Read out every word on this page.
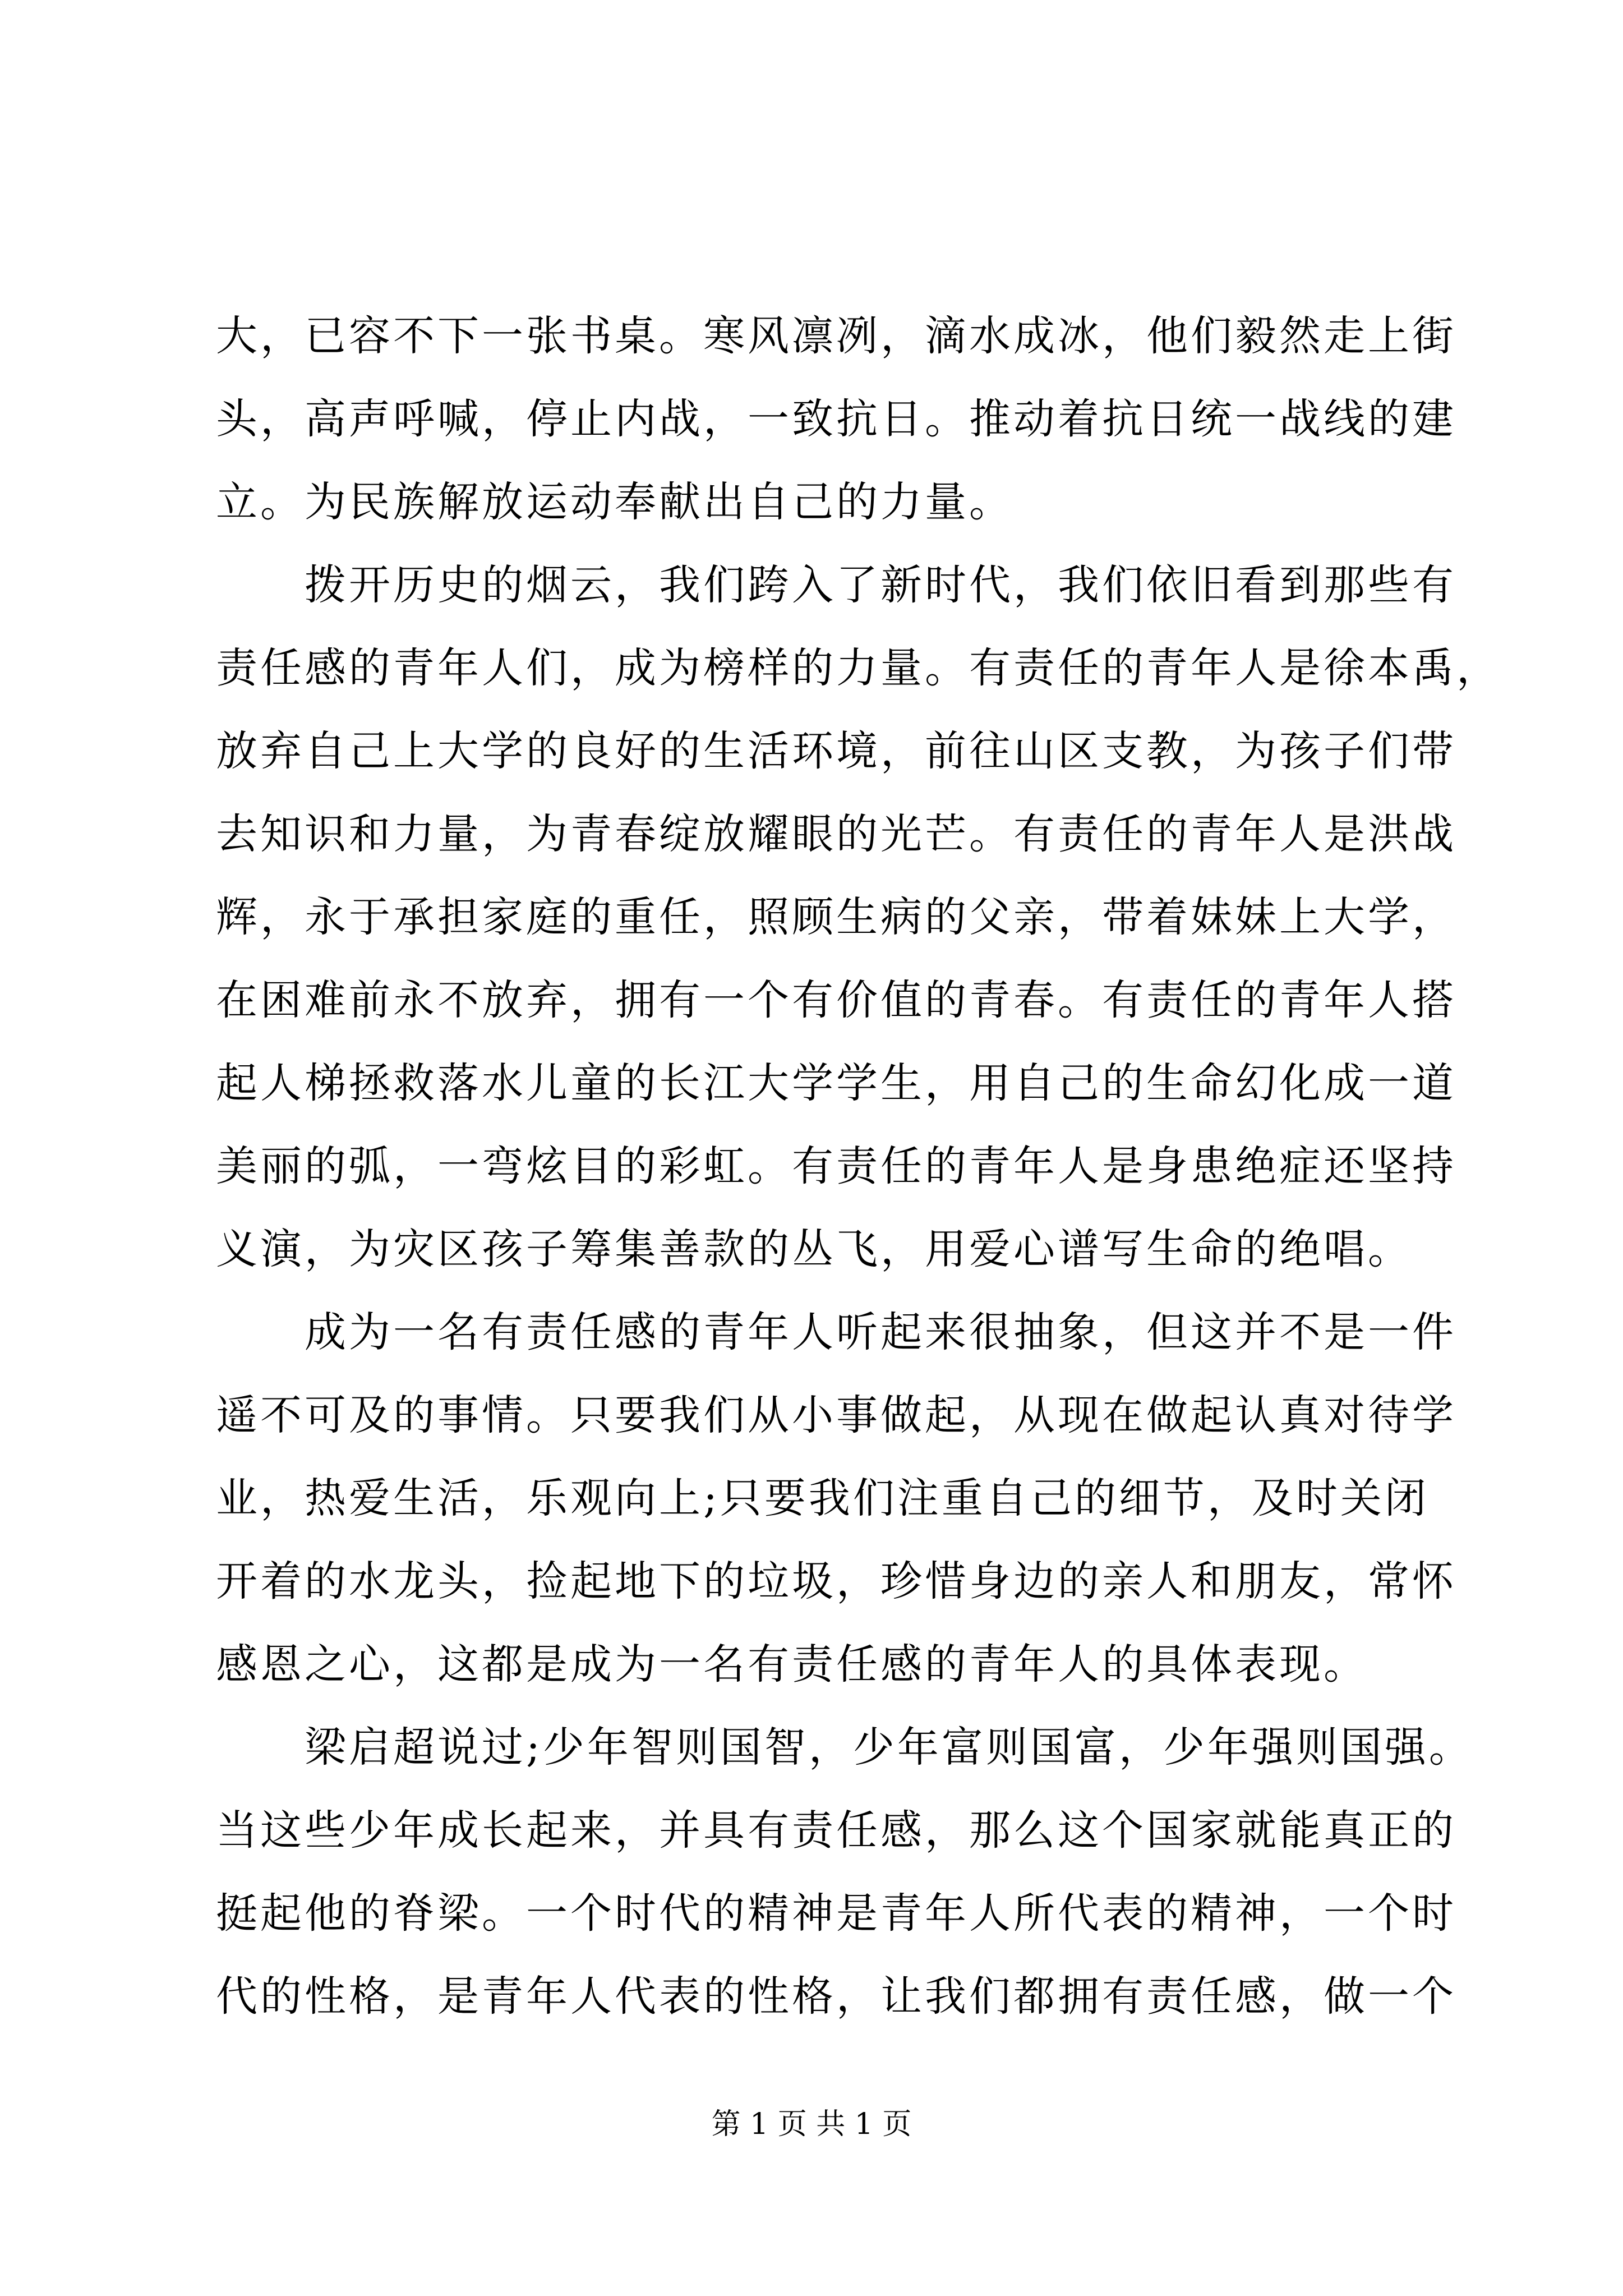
大，已容不下一张书桌。寒风凛冽，滴水成冰，他们毅然走上街
头，高声呼喊，停止内战，一致抗日。推动着抗日统一战线的建
立。为民族解放运动奉献出自己的力量。
　　拨开历史的烟云，我们跨入了新时代，我们依旧看到那些有
责任感的青年人们，成为榜样的力量。有责任的青年人是徐本禹，
放弃自己上大学的良好的生活环境，前往山区支教，为孩子们带
去知识和力量，为青春绽放耀眼的光芒。有责任的青年人是洪战
辉，永于承担家庭的重任，照顾生病的父亲，带着妹妹上大学，
在困难前永不放弃，拥有一个有价值的青春。有责任的青年人搭
起人梯拯救落水儿童的长江大学学生，用自己的生命幻化成一道
美丽的弧，一弯炫目的彩虹。有责任的青年人是身患绝症还坚持
义演，为灾区孩子筹集善款的丛飞，用爱心谱写生命的绝唱。
　　成为一名有责任感的青年人听起来很抽象，但这并不是一件
遥不可及的事情。只要我们从小事做起，从现在做起认真对待学
业，热爱生活，乐观向上;只要我们注重自己的细节，及时关闭
开着的水龙头，捡起地下的垃圾，珍惜身边的亲人和朋友，常怀
感恩之心，这都是成为一名有责任感的青年人的具体表现。
　　梁启超说过;少年智则国智，少年富则国富，少年强则国强。
当这些少年成长起来，并具有责任感，那么这个国家就能真正的
挺起他的脊梁。一个时代的精神是青年人所代表的精神，一个时
代的性格，是青年人代表的性格，让我们都拥有责任感，做一个
第 1 页 共 1 页
